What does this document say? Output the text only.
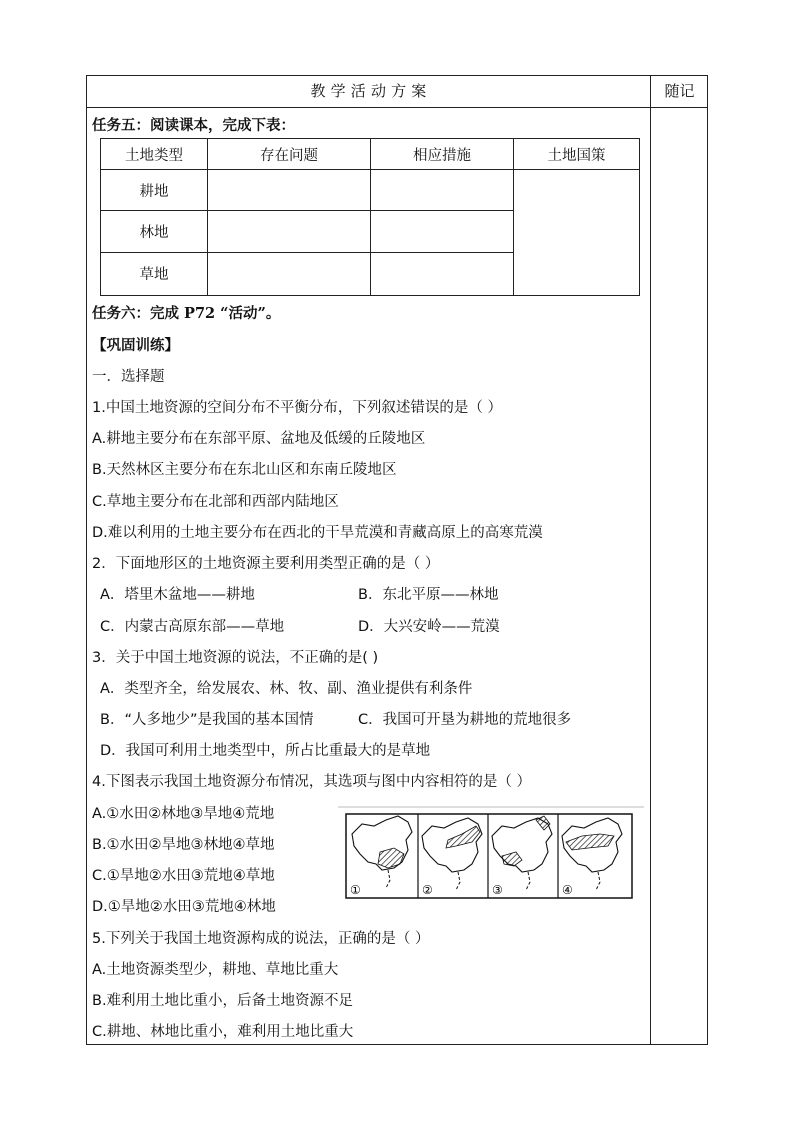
教 学 活 动 方 案	随记
任务五：阅读课本，完成下表：
土地类型	存在问题	相应措施	土地国策
耕地			
林地			
草地			
任务六：完成 P72 “活动”。
【巩固训练】
一．选择题
1.中国土地资源的空间分布不平衡分布，下列叙述错误的是（ ）
A.耕地主要分布在东部平原、盆地及低缓的丘陵地区
B.天然林区主要分布在东北山区和东南丘陵地区
C.草地主要分布在北部和西部内陆地区
D.难以利用的土地主要分布在西北的干旱荒漠和青藏高原上的高寒荒漠
2．下面地形区的土地资源主要利用类型正确的是（ ）
A．塔里木盆地——耕地	B．东北平原——林地
C．内蒙古高原东部——草地	D．大兴安岭——荒漠
3．关于中国土地资源的说法，不正确的是( )
A．类型齐全，给发展农、林、牧、副、渔业提供有利条件
B．“人多地少”是我国的基本国情	C．我国可开垦为耕地的荒地很多
D．我国可利用土地类型中，所占比重最大的是草地
4.下图表示我国土地资源分布情况，其选项与图中内容相符的是（ ）
A.①水田②林地③旱地④荒地
B.①水田②旱地③林地④草地
C.①旱地②水田③荒地④草地
D.①旱地②水田③荒地④林地
①	②	③	④
5.下列关于我国土地资源构成的说法，正确的是（ ）
A.土地资源类型少，耕地、草地比重大
B.难利用土地比重小，后备土地资源不足
C.耕地、林地比重小，难利用土地比重大
